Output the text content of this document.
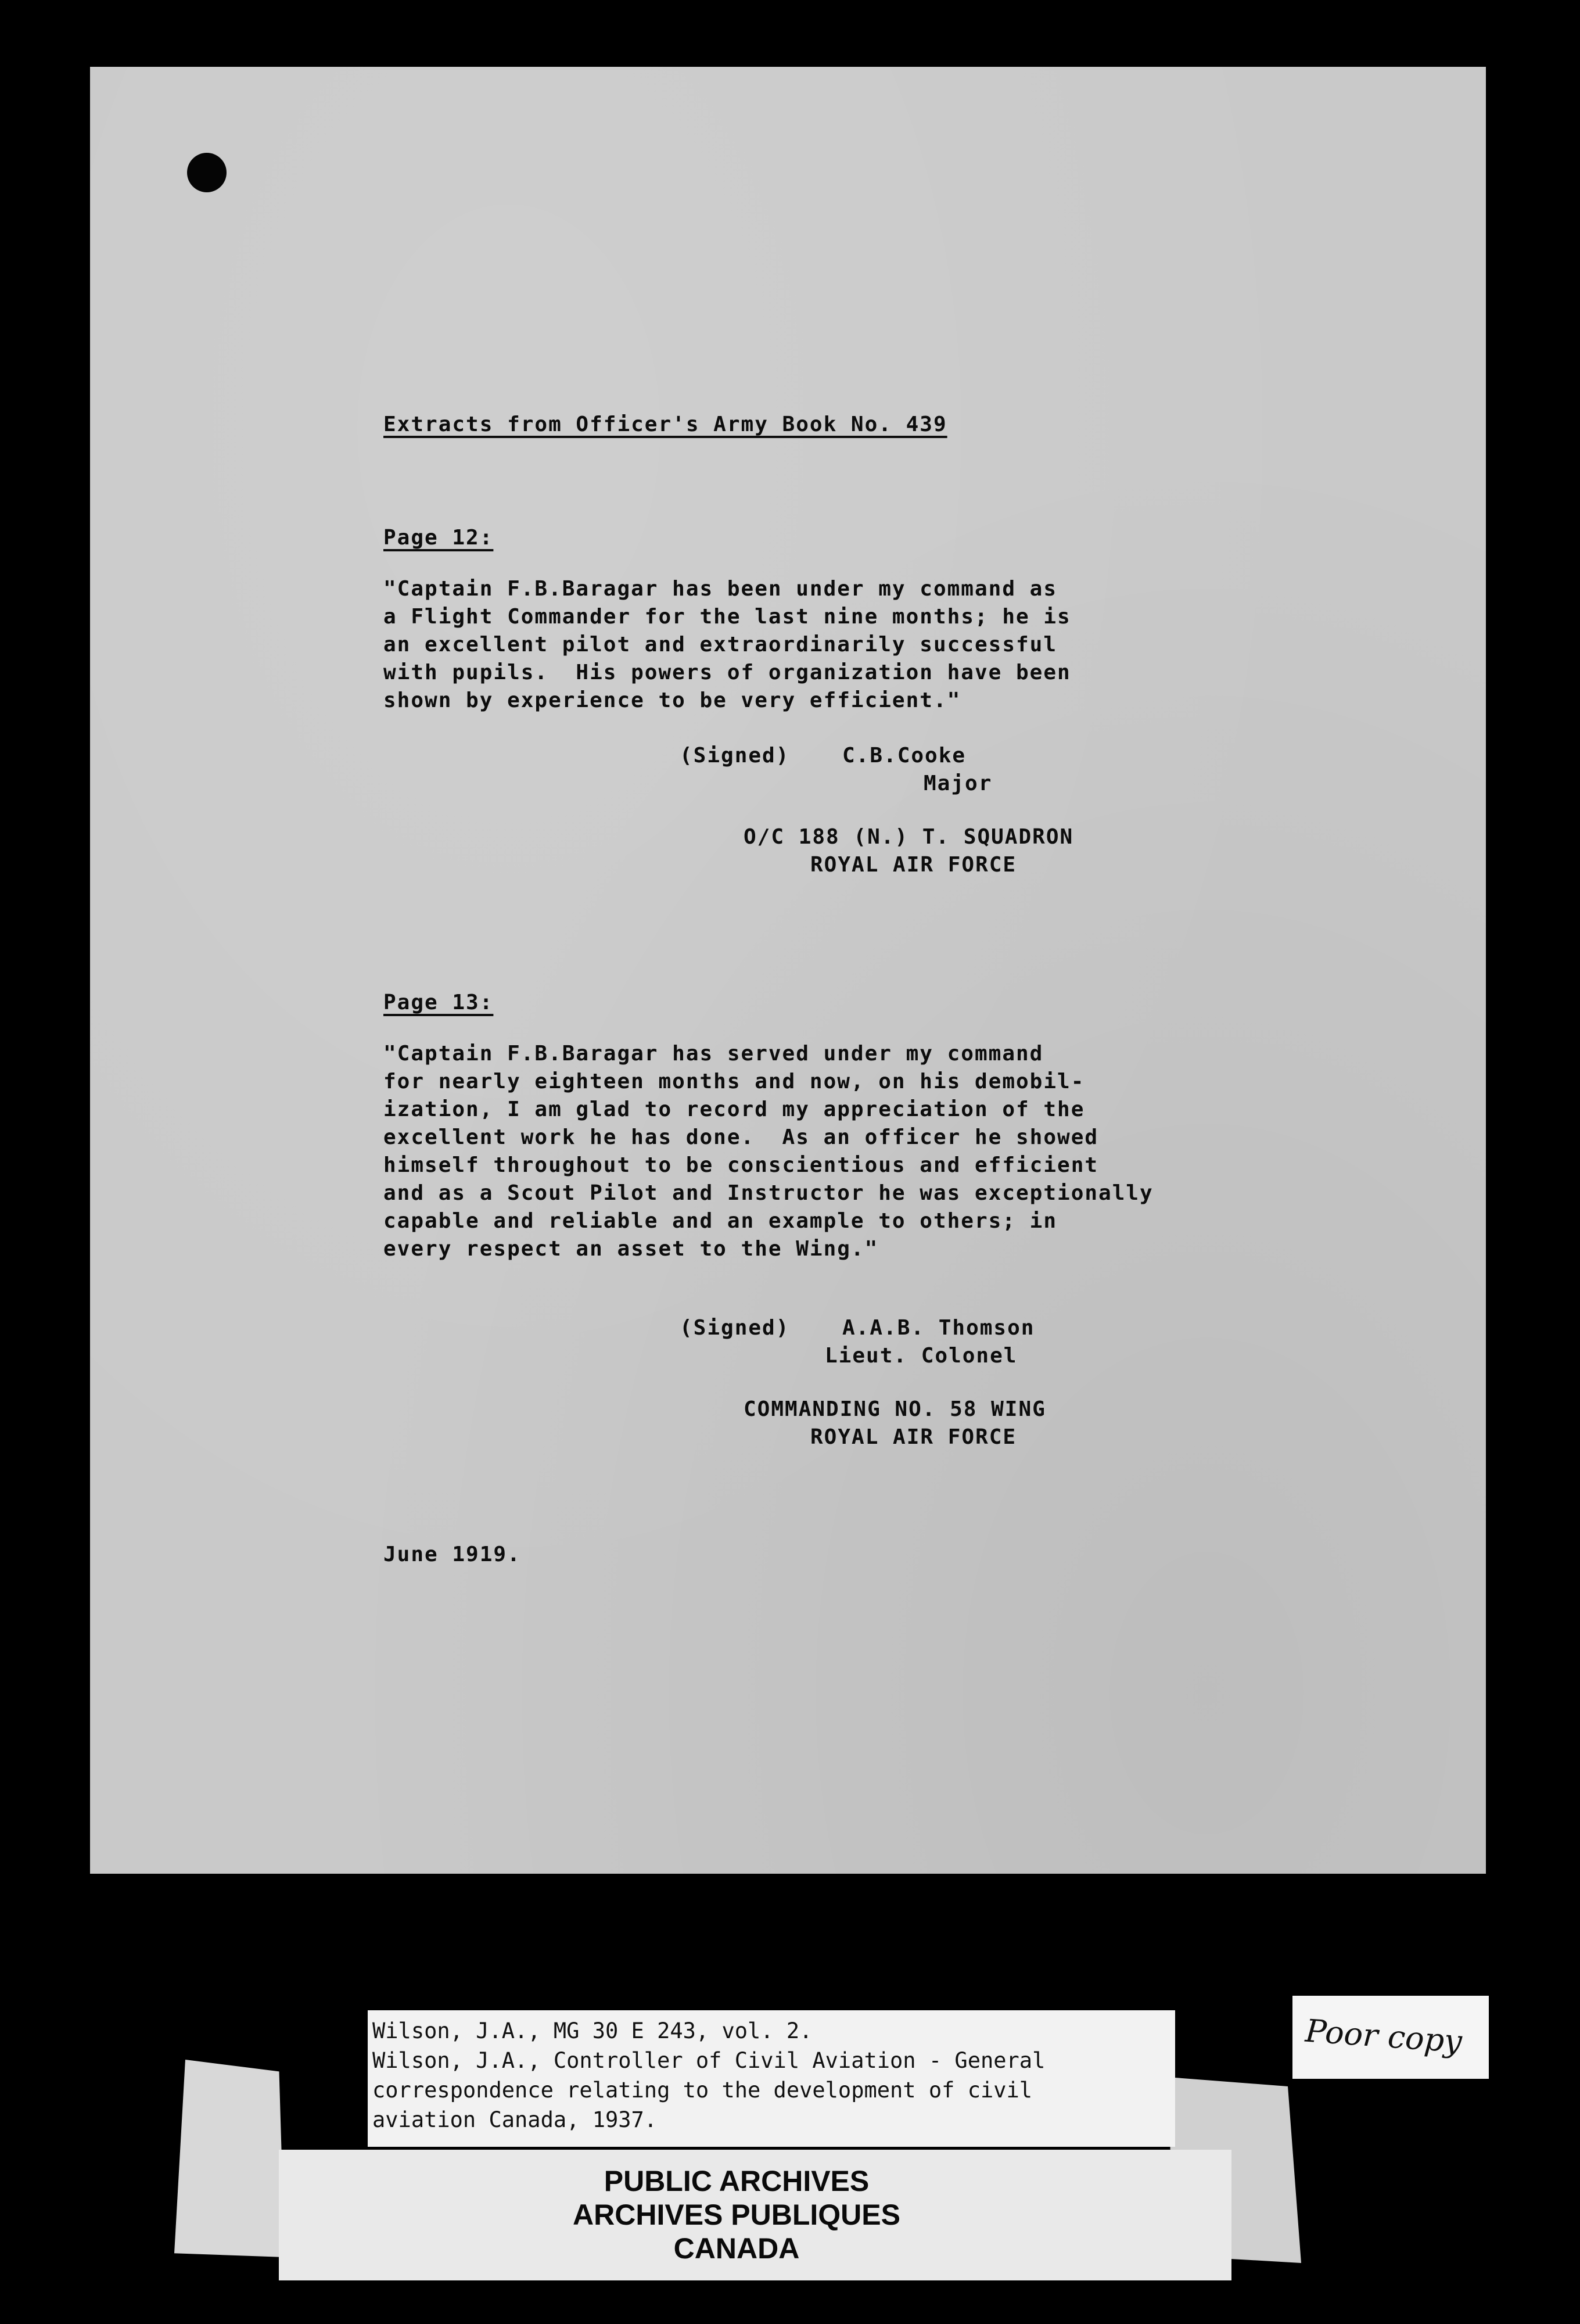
Extracts from Officer's Army Book No. 439

Page 12:

"Captain F.B.Baragar has been under my command as

a Flight Commander for the last nine months; he is

an excellent pilot and extraordinarily successful

with pupils.  His powers of organization have been

shown by experience to be very efficient."

(Signed)	C.B.Cooke

Major

O/C 188 (N.) T. SQUADRON

ROYAL AIR FORCE

Page 13:

"Captain F.B.Baragar has served under my command

for nearly eighteen months and now, on his demobil-

ization, I am glad to record my appreciation of the

excellent work he has done.  As an officer he showed

himself throughout to be conscientious and efficient

and as a Scout Pilot and Instructor he was exceptionally

capable and reliable and an example to others; in

every respect an asset to the Wing."

(Signed)	A.A.B. Thomson

Lieut. Colonel

COMMANDING NO. 58 WING

ROYAL AIR FORCE

June 1919.

Wilson, J.A., MG 30 E 243, vol. 2.

Wilson, J.A., Controller of Civil Aviation - General

correspondence relating to the development of civil

aviation Canada, 1937.

PUBLIC ARCHIVES

ARCHIVES PUBLIQUES

CANADA

Poor copy
